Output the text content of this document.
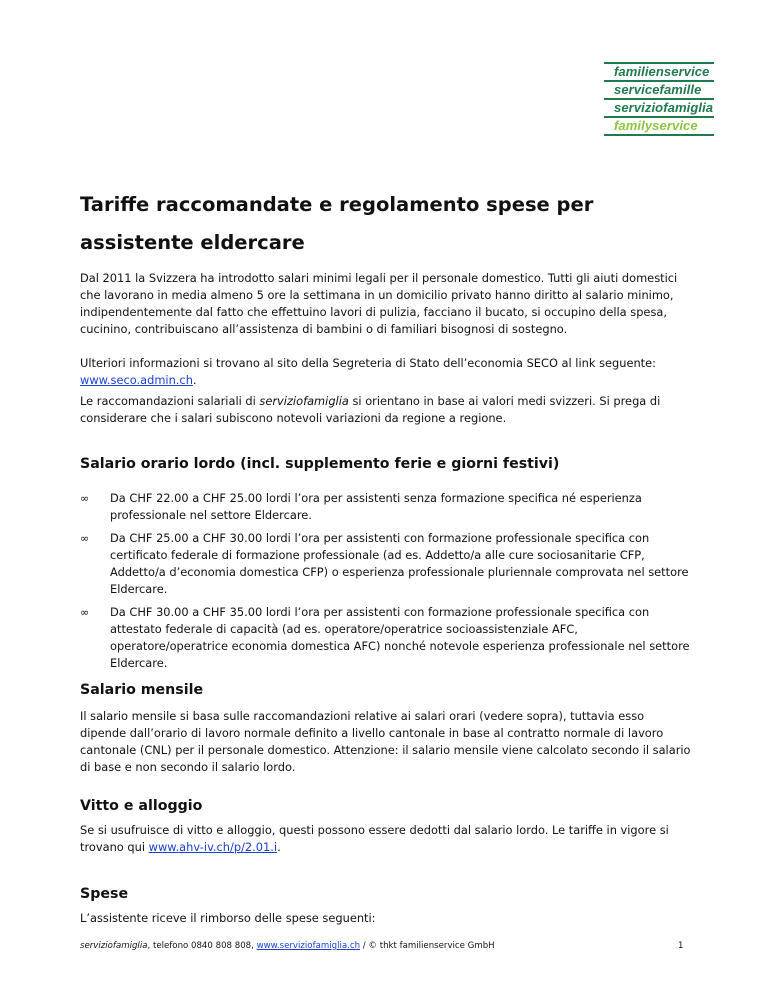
familienservice
servicefamille
serviziofamiglia
familyservice
Tariffe raccomandate e regolamento spese per assistente eldercare

Dal 2011 la Svizzera ha introdotto salari minimi legali per il personale domestico. Tutti gli aiuti domestici che lavorano in media almeno 5 ore la settimana in un domicilio privato hanno diritto al salario minimo, indipendentemente dal fatto che effettuino lavori di pulizia, facciano il bucato, si occupino della spesa, cucinino, contribuiscano all’assistenza di bambini o di familiari bisognosi di sostegno.

Ulteriori informazioni si trovano al sito della Segreteria di Stato dell’economia SECO al link seguente: www.seco.admin.ch.

Le raccomandazioni salariali di serviziofamiglia si orientano in base ai valori medi svizzeri. Si prega di considerare che i salari subiscono notevoli variazioni da regione a regione.

Salario orario lordo (incl. supplemento ferie e giorni festivi)
∞ Da CHF 22.00 a CHF 25.00 lordi l’ora per assistenti senza formazione specifica né esperienza professionale nel settore Eldercare.
∞ Da CHF 25.00 a CHF 30.00 lordi l’ora per assistenti con formazione professionale specifica con certificato federale di formazione professionale (ad es. Addetto/a alle cure sociosanitarie CFP, Addetto/a d’economia domestica CFP) o esperienza professionale pluriennale comprovata nel settore Eldercare.
∞ Da CHF 30.00 a CHF 35.00 lordi l’ora per assistenti con formazione professionale specifica con attestato federale di capacità (ad es. operatore/operatrice socioassistenziale AFC, operatore/operatrice economia domestica AFC) nonché notevole esperienza professionale nel settore Eldercare.
Salario mensile

Il salario mensile si basa sulle raccomandazioni relative ai salari orari (vedere sopra), tuttavia esso dipende dall’orario di lavoro normale definito a livello cantonale in base al contratto normale di lavoro cantonale (CNL) per il personale domestico. Attenzione: il salario mensile viene calcolato secondo il salario di base e non secondo il salario lordo.

Vitto e alloggio

Se si usufruisce di vitto e alloggio, questi possono essere dedotti dal salario lordo. Le tariffe in vigore si trovano qui www.ahv-iv.ch/p/2.01.i.

Spese

L’assistente riceve il rimborso delle spese seguenti:

serviziofamiglia, telefono 0840 808 808, www.serviziofamiglia.ch / © thkt familienservice GmbH	1
